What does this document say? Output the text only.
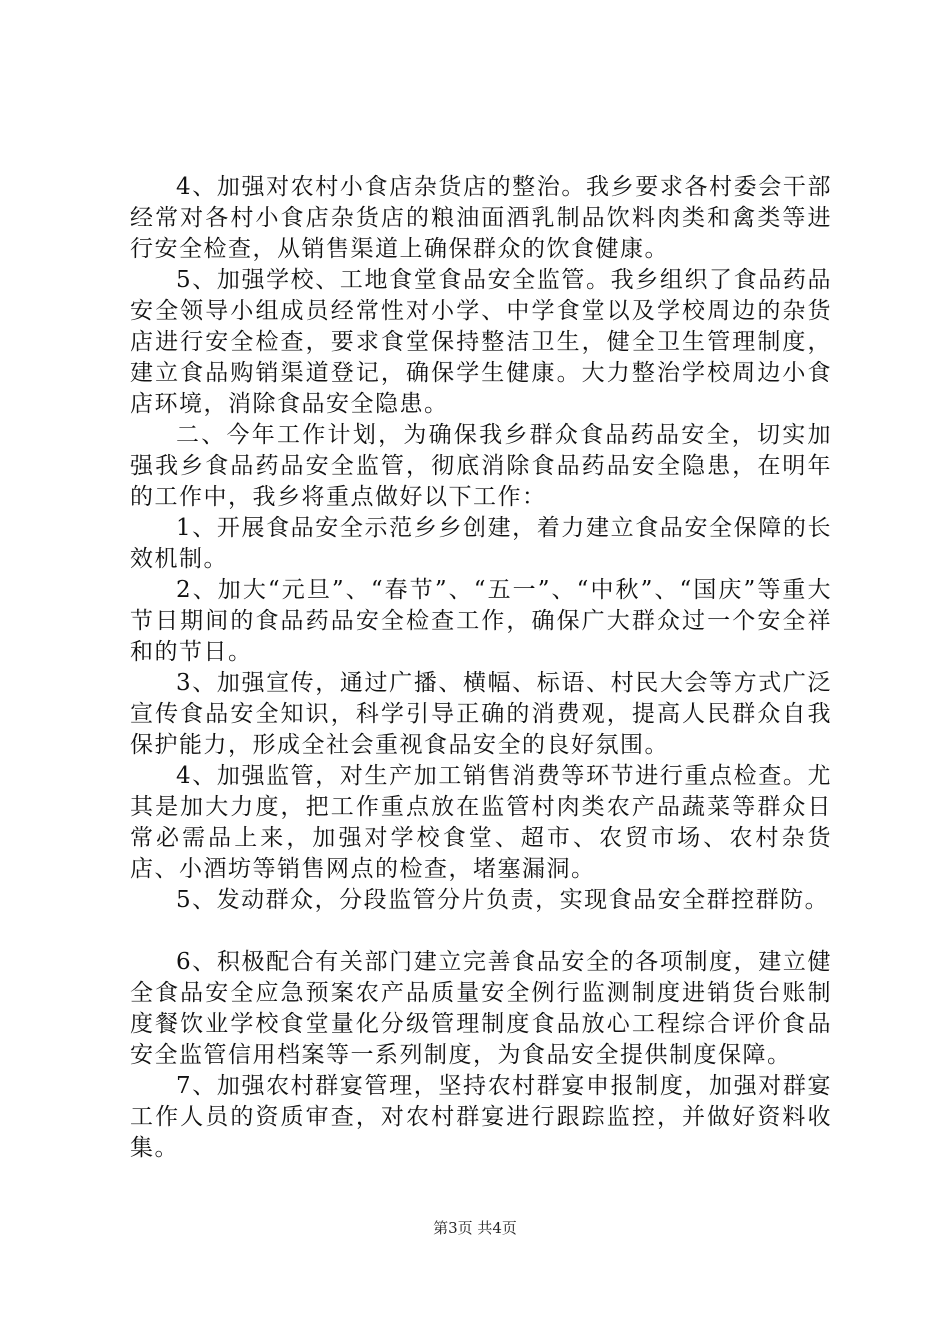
4、加强对农村小食店杂货店的整治。我乡要求各村委会干部经常对各村小食店杂货店的粮油面酒乳制品饮料肉类和禽类等进行安全检查，从销售渠道上确保群众的饮食健康。

5、加强学校、工地食堂食品安全监管。我乡组织了食品药品安全领导小组成员经常性对小学、中学食堂以及学校周边的杂货店进行安全检查，要求食堂保持整洁卫生，健全卫生管理制度，建立食品购销渠道登记，确保学生健康。大力整治学校周边小食店环境，消除食品安全隐患。

二、今年工作计划，为确保我乡群众食品药品安全，切实加强我乡食品药品安全监管，彻底消除食品药品安全隐患，在明年的工作中，我乡将重点做好以下工作：

1、开展食品安全示范乡乡创建，着力建立食品安全保障的长效机制。

2、加大“元旦”、“春节”、“五一”、“中秋”、“国庆”等重大节日期间的食品药品安全检查工作，确保广大群众过一个安全祥和的节日。

3、加强宣传，通过广播、横幅、标语、村民大会等方式广泛宣传食品安全知识，科学引导正确的消费观，提高人民群众自我保护能力，形成全社会重视食品安全的良好氛围。

4、加强监管，对生产加工销售消费等环节进行重点检查。尤其是加大力度，把工作重点放在监管村肉类农产品蔬菜等群众日常必需品上来，加强对学校食堂、超市、农贸市场、农村杂货店、小酒坊等销售网点的检查，堵塞漏洞。

5、发动群众，分段监管分片负责，实现食品安全群控群防。

6、积极配合有关部门建立完善食品安全的各项制度，建立健全食品安全应急预案农产品质量安全例行监测制度进销货台账制度餐饮业学校食堂量化分级管理制度食品放心工程综合评价食品安全监管信用档案等一系列制度，为食品安全提供制度保障。

7、加强农村群宴管理，坚持农村群宴申报制度，加强对群宴工作人员的资质审查，对农村群宴进行跟踪监控，并做好资料收集。

第3页 共4页
